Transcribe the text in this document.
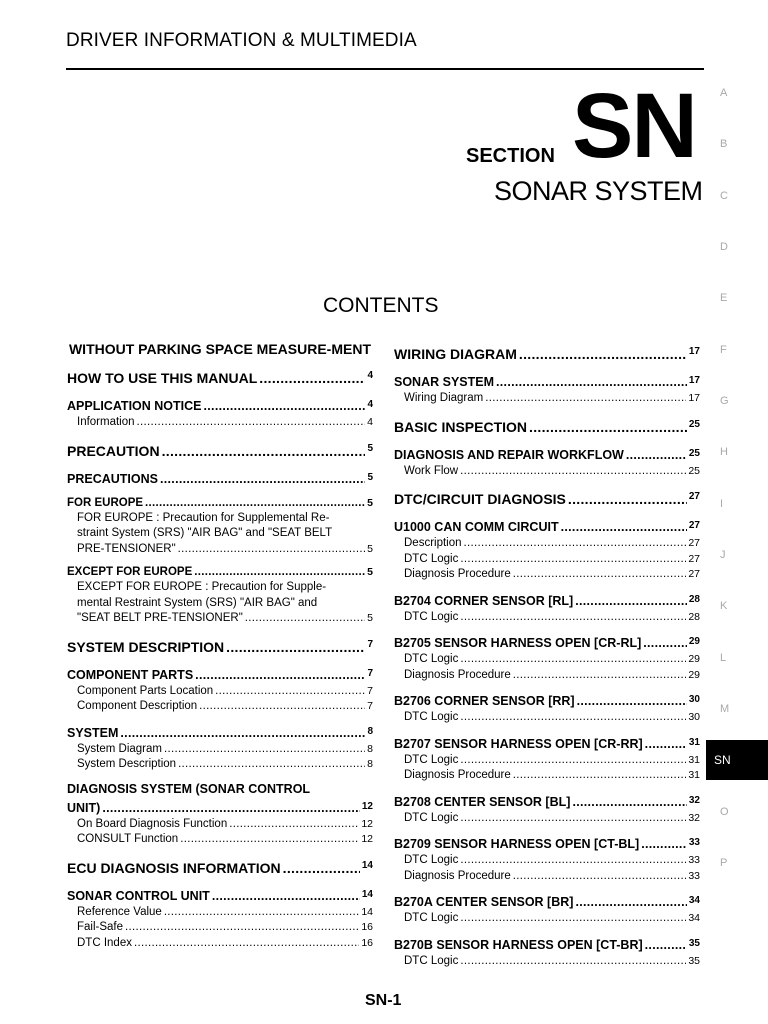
DRIVER INFORMATION & MULTIMEDIA
SECTION SN
SONAR SYSTEM
CONTENTS
WITHOUT PARKING SPACE MEASURE-MENT
HOW TO USE THIS MANUAL .....	4
APPLICATION NOTICE .....	4
Information .....	4
PRECAUTION .....	5
PRECAUTIONS .....	5
FOR EUROPE .....	5
FOR EUROPE : Precaution for Supplemental Re-
straint System (SRS) "AIR BAG" and "SEAT BELT
PRE-TENSIONER" .....	5
EXCEPT FOR EUROPE .....	5
EXCEPT FOR EUROPE : Precaution for Supple-
mental Restraint System (SRS) "AIR BAG" and
"SEAT BELT PRE-TENSIONER" .....	5
SYSTEM DESCRIPTION .....	7
COMPONENT PARTS .....	7
Component Parts Location .....	7
Component Description .....	7
SYSTEM .....	8
System Diagram .....	8
System Description .....	8
DIAGNOSIS SYSTEM (SONAR CONTROL
UNIT) .....	12
On Board Diagnosis Function .....	12
CONSULT Function .....	12
ECU DIAGNOSIS INFORMATION .....	14
SONAR CONTROL UNIT .....	14
Reference Value .....	14
Fail-Safe .....	16
DTC Index .....	16
WIRING DIAGRAM .....	17
SONAR SYSTEM .....	17
Wiring Diagram .....	17
BASIC INSPECTION .....	25
DIAGNOSIS AND REPAIR WORKFLOW .....	25
Work Flow .....	25
DTC/CIRCUIT DIAGNOSIS .....	27
U1000 CAN COMM CIRCUIT .....	27
Description .....	27
DTC Logic .....	27
Diagnosis Procedure .....	27
B2704 CORNER SENSOR [RL] .....	28
DTC Logic .....	28
B2705 SENSOR HARNESS OPEN [CR-RL] .....	29
DTC Logic .....	29
Diagnosis Procedure .....	29
B2706 CORNER SENSOR [RR] .....	30
DTC Logic .....	30
B2707 SENSOR HARNESS OPEN [CR-RR] .....	31
DTC Logic .....	31
Diagnosis Procedure .....	31
B2708 CENTER SENSOR [BL] .....	32
DTC Logic .....	32
B2709 SENSOR HARNESS OPEN [CT-BL] .....	33
DTC Logic .....	33
Diagnosis Procedure .....	33
B270A CENTER SENSOR [BR] .....	34
DTC Logic .....	34
B270B SENSOR HARNESS OPEN [CT-BR] .....	35
DTC Logic .....	35
A
B
C
D
E
F
G
H
I
J
K
L
M
SN
O
P
SN-1
